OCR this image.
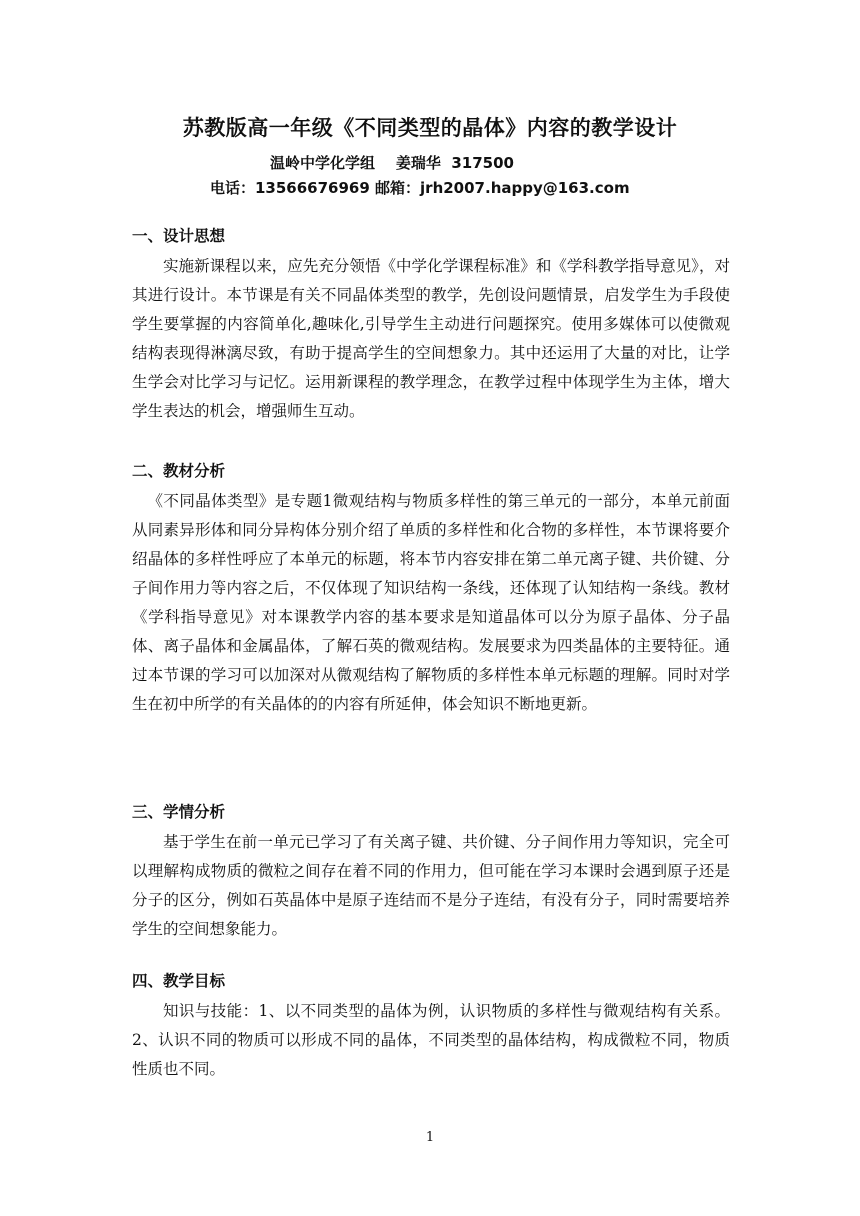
苏教版高一年级《不同类型的晶体》内容的教学设计
温岭中学化学组    姜瑞华  317500
电话：13566676969 邮箱：jrh2007.happy@163.com
一、设计思想

实施新课程以来，应先充分领悟《中学化学课程标准》和《学科教学指导意见》，对其进行设计。本节课是有关不同晶体类型的教学，先创设问题情景，启发学生为手段使学生要掌握的内容简单化,趣味化,引导学生主动进行问题探究。使用多媒体可以使微观结构表现得淋漓尽致，有助于提高学生的空间想象力。其中还运用了大量的对比，让学生学会对比学习与记忆。运用新课程的教学理念，在教学过程中体现学生为主体，增大学生表达的机会，增强师生互动。

二、教材分析

《不同晶体类型》是专题1微观结构与物质多样性的第三单元的一部分，本单元前面从同素异形体和同分异构体分别介绍了单质的多样性和化合物的多样性，本节课将要介绍晶体的多样性呼应了本单元的标题，将本节内容安排在第二单元离子键、共价键、分子间作用力等内容之后，不仅体现了知识结构一条线，还体现了认知结构一条线。教材《学科指导意见》对本课教学内容的基本要求是知道晶体可以分为原子晶体、分子晶体、离子晶体和金属晶体，了解石英的微观结构。发展要求为四类晶体的主要特征。通过本节课的学习可以加深对从微观结构了解物质的多样性本单元标题的理解。同时对学生在初中所学的有关晶体的的内容有所延伸，体会知识不断地更新。

三、学情分析

基于学生在前一单元已学习了有关离子键、共价键、分子间作用力等知识，完全可以理解构成物质的微粒之间存在着不同的作用力，但可能在学习本课时会遇到原子还是分子的区分，例如石英晶体中是原子连结而不是分子连结，有没有分子，同时需要培养学生的空间想象能力。

四、教学目标

知识与技能：1、以不同类型的晶体为例，认识物质的多样性与微观结构有关系。2、认识不同的物质可以形成不同的晶体，不同类型的晶体结构，构成微粒不同，物质性质也不同。

1
